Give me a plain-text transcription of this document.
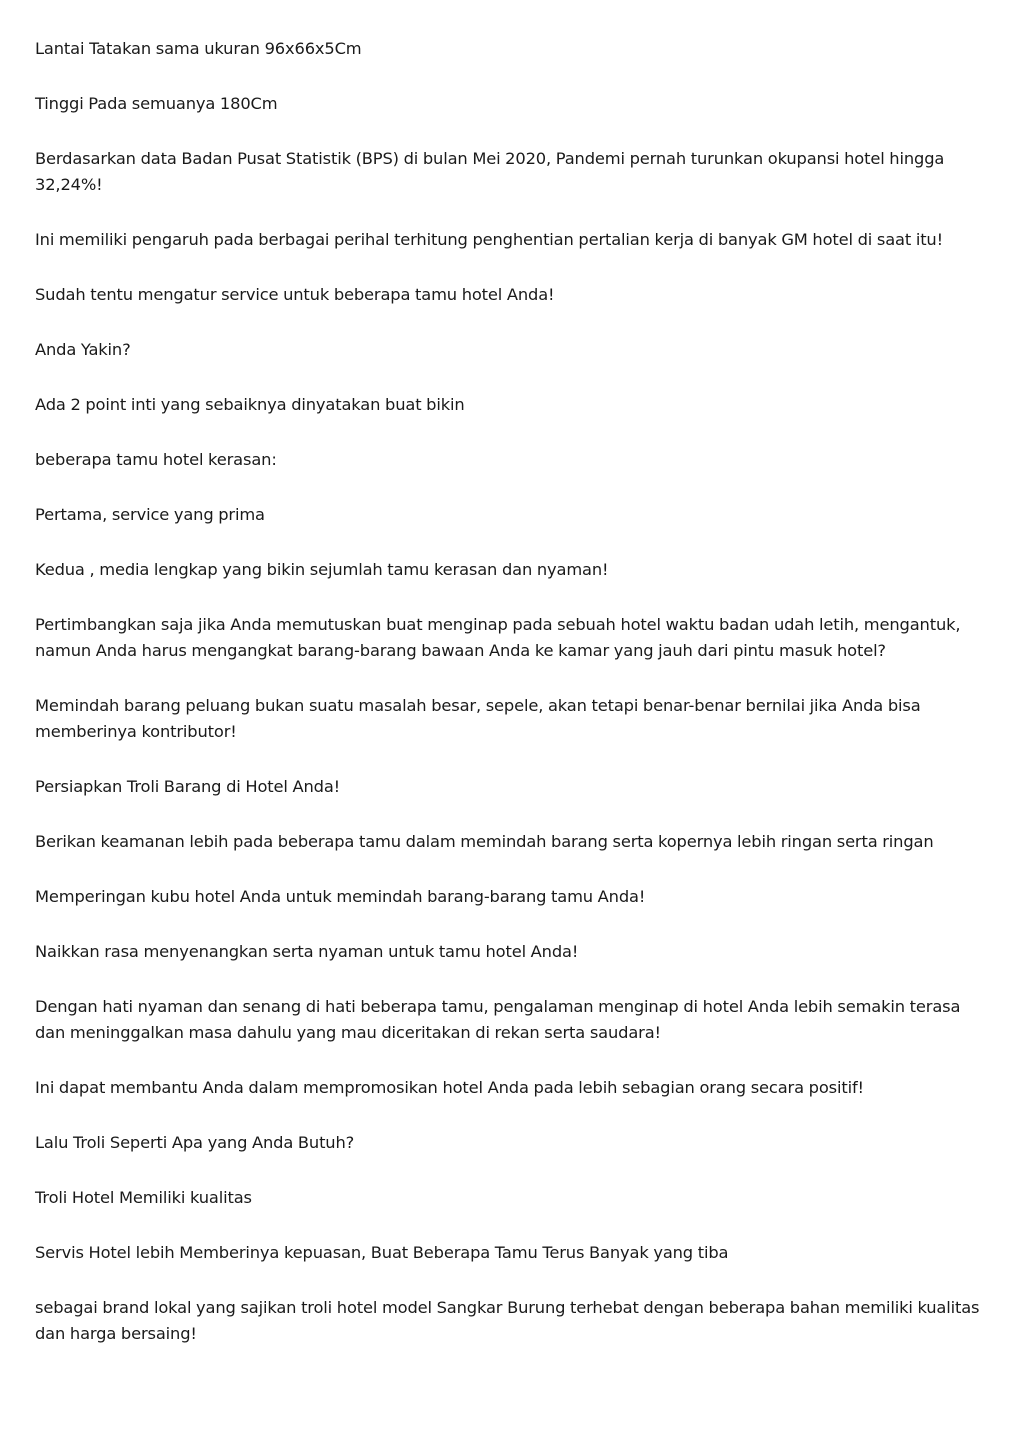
Lantai Tatakan sama ukuran 96x66x5Cm

Tinggi Pada semuanya 180Cm

Berdasarkan data Badan Pusat Statistik (BPS) di bulan Mei 2020, Pandemi pernah turunkan okupansi hotel hingga 32,24%!

Ini memiliki pengaruh pada berbagai perihal terhitung penghentian pertalian kerja di banyak GM hotel di saat itu!

Sudah tentu mengatur service untuk beberapa tamu hotel Anda!

Anda Yakin?

Ada 2 point inti yang sebaiknya dinyatakan buat bikin

beberapa tamu hotel kerasan:

Pertama, service yang prima

Kedua , media lengkap yang bikin sejumlah tamu kerasan dan nyaman!

Pertimbangkan saja jika Anda memutuskan buat menginap pada sebuah hotel waktu badan udah letih, mengantuk, namun Anda harus mengangkat barang-barang bawaan Anda ke kamar yang jauh dari pintu masuk hotel?

Memindah barang peluang bukan suatu masalah besar, sepele, akan tetapi benar-benar bernilai jika Anda bisa memberinya kontributor!

Persiapkan Troli Barang di Hotel Anda!

Berikan keamanan lebih pada beberapa tamu dalam memindah barang serta kopernya lebih ringan serta ringan

Memperingan kubu hotel Anda untuk memindah barang-barang tamu Anda!

Naikkan rasa menyenangkan serta nyaman untuk tamu hotel Anda!

Dengan hati nyaman dan senang di hati beberapa tamu, pengalaman menginap di hotel Anda lebih semakin terasa dan meninggalkan masa dahulu yang mau diceritakan di rekan serta saudara!

Ini dapat membantu Anda dalam mempromosikan hotel Anda pada lebih sebagian orang secara positif!

Lalu Troli Seperti Apa yang Anda Butuh?

Troli Hotel Memiliki kualitas

Servis Hotel lebih Memberinya kepuasan, Buat Beberapa Tamu Terus Banyak yang tiba

sebagai brand lokal yang sajikan troli hotel model Sangkar Burung terhebat dengan beberapa bahan memiliki kualitas dan harga bersaing!
